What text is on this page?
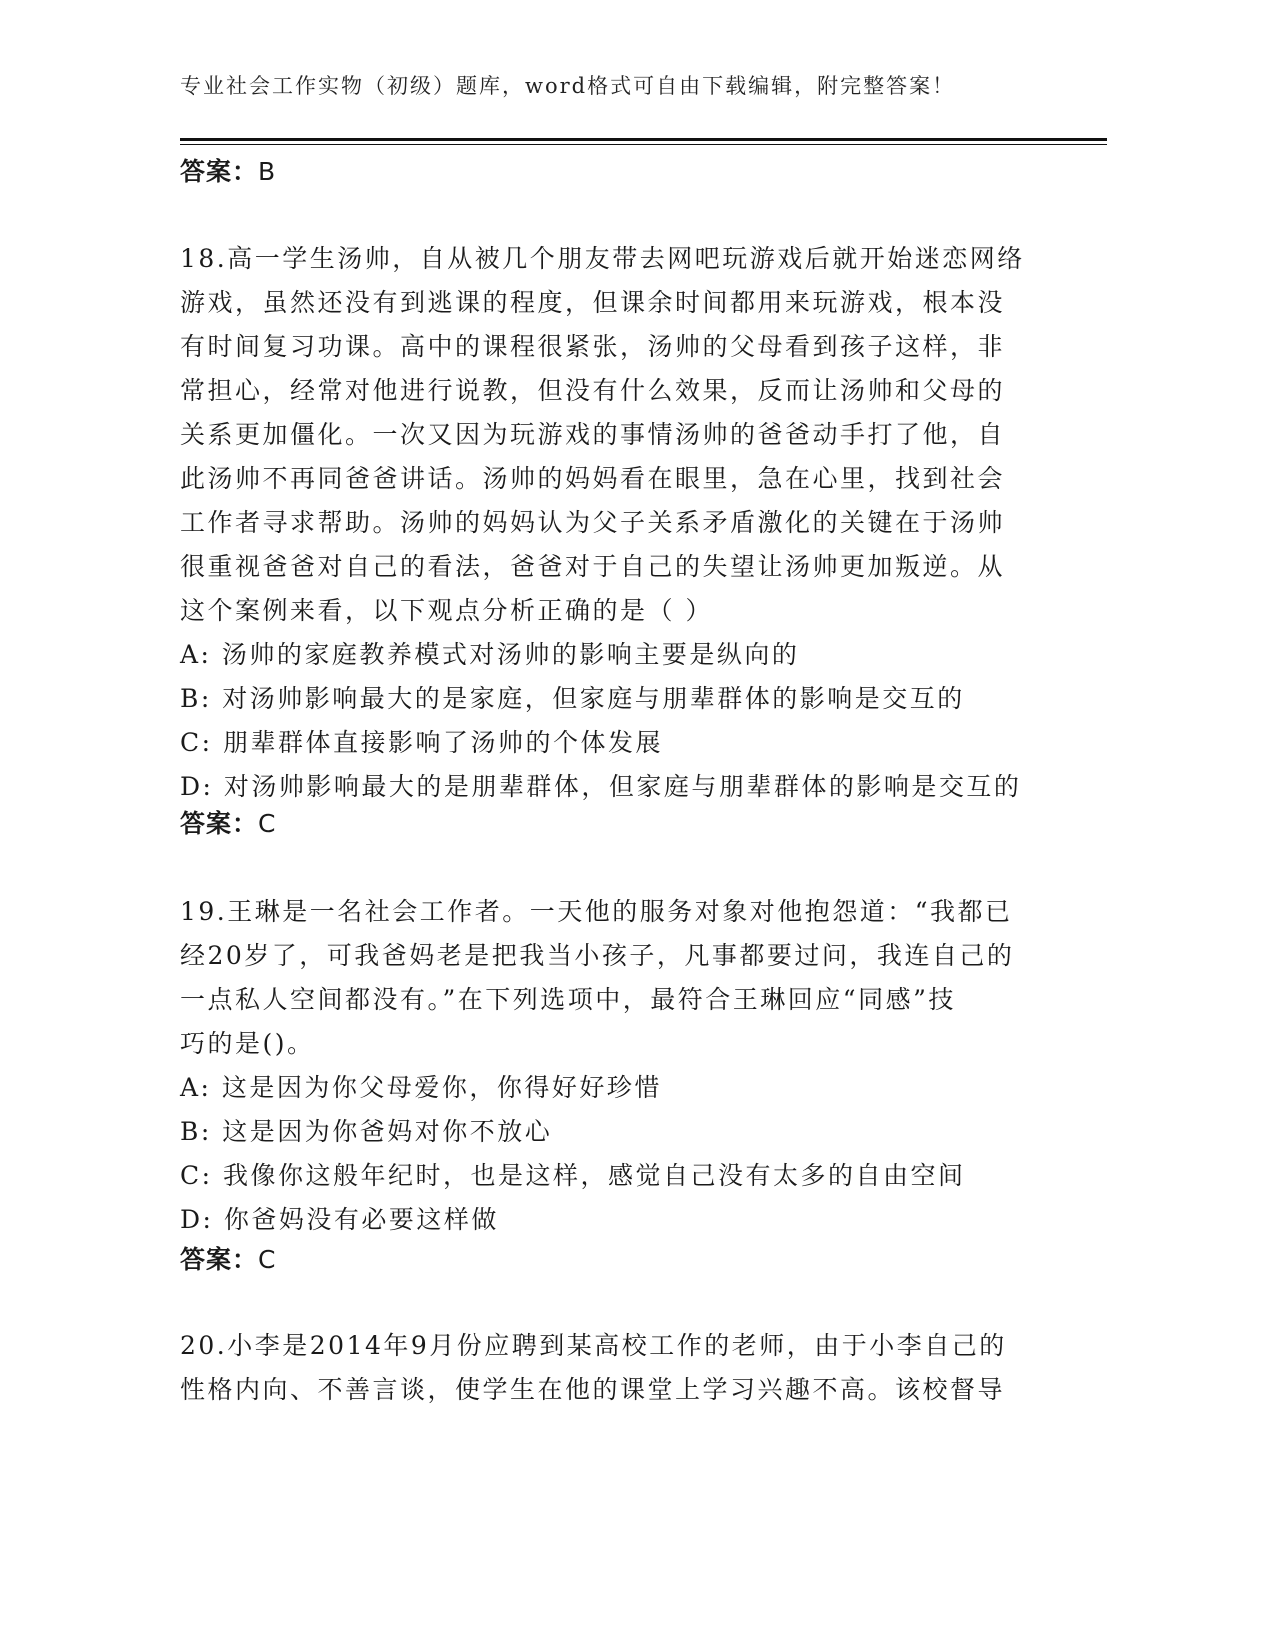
专业社会工作实物（初级）题库，word格式可自由下载编辑，附完整答案！
答案：B
18.高一学生汤帅，自从被几个朋友带去网吧玩游戏后就开始迷恋网络
游戏，虽然还没有到逃课的程度，但课余时间都用来玩游戏，根本没
有时间复习功课。高中的课程很紧张，汤帅的父母看到孩子这样，非
常担心，经常对他进行说教，但没有什么效果，反而让汤帅和父母的
关系更加僵化。一次又因为玩游戏的事情汤帅的爸爸动手打了他，自
此汤帅不再同爸爸讲话。汤帅的妈妈看在眼里，急在心里，找到社会
工作者寻求帮助。汤帅的妈妈认为父子关系矛盾激化的关键在于汤帅
很重视爸爸对自己的看法，爸爸对于自己的失望让汤帅更加叛逆。从
这个案例来看，以下观点分析正确的是（ ）
A: 汤帅的家庭教养模式对汤帅的影响主要是纵向的
B: 对汤帅影响最大的是家庭，但家庭与朋辈群体的影响是交互的
C: 朋辈群体直接影响了汤帅的个体发展
D: 对汤帅影响最大的是朋辈群体，但家庭与朋辈群体的影响是交互的
答案：C
19.王琳是一名社会工作者。一天他的服务对象对他抱怨道：“我都已
经20岁了，可我爸妈老是把我当小孩子，凡事都要过问，我连自己的
一点私人空间都没有。”在下列选项中，最符合王琳回应“同感”技
巧的是()。
A: 这是因为你父母爱你，你得好好珍惜
B: 这是因为你爸妈对你不放心
C: 我像你这般年纪时，也是这样，感觉自己没有太多的自由空间
D: 你爸妈没有必要这样做
答案：C
20.小李是2014年9月份应聘到某高校工作的老师，由于小李自己的
性格内向、不善言谈，使学生在他的课堂上学习兴趣不高。该校督导
